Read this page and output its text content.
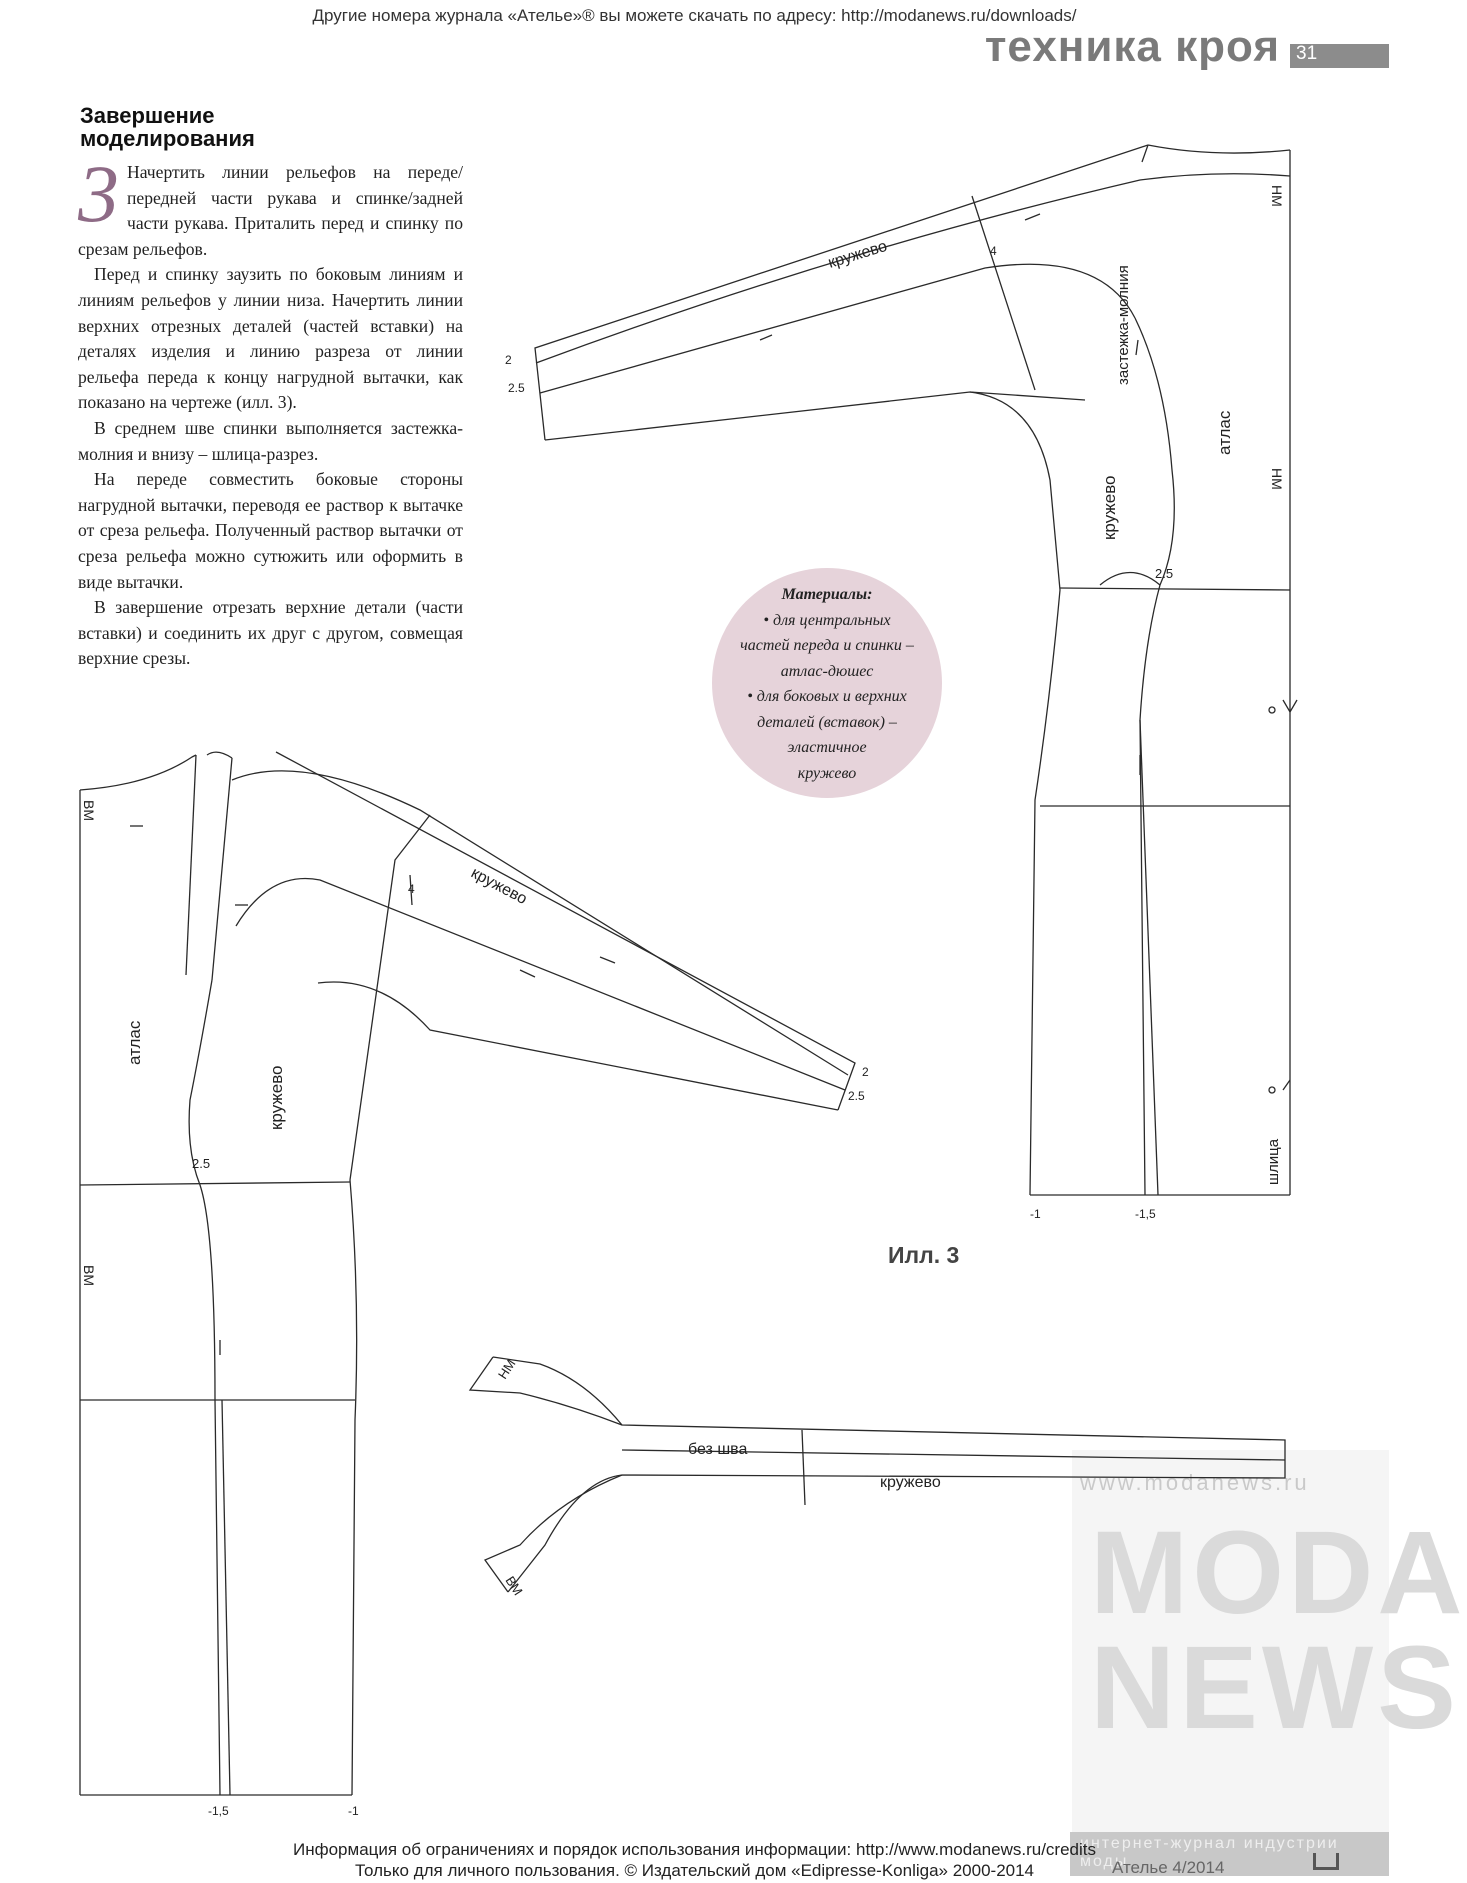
Другие номера журнала «Ателье»® вы можете скачать по адресу: http://modanews.ru/downloads/
техника кроя 31
Завершение
моделирования

3 Начертить линии рельефов на переде/передней части рукава и спинке/задней части рукава. Приталить перед и спинку по срезам рельефов.

Перед и спинку заузить по боковым линиям и линиям рельефов у линии низа. Начертить линии верхних отрезных деталей (частей вставки) на деталях изделия и линию разреза от линии рельефа переда к концу нагрудной вытачки, как показано на чертеже (илл. 3).

В среднем шве спинки выполняется застежка-молния и внизу – шлица-разрез.

На переде совместить боковые стороны нагрудной вытачки, переводя ее раствор к вытачке от среза рельефа. Полученный раствор вытачки от среза рельефа можно сутюжить или оформить в виде вытачки.

В завершение отрезать верхние детали (части вставки) и соединить их друг с другом, совмещая верхние срезы.

Материалы:
• для центральных
частей переда и спинки –
атлас-дюшес
• для боковых и верхних
деталей (вставок) –
эластичное
кружево
www.modanews.ru
MODA
NEWS
интернет-журнал индустрии моды
НМ
застежка-молния
НМ
атлас
кружево
кружево
шлица
4
2.5
2
2.5
-1	-1,5
ВМ
ВМ
атлас
кружево
кружево
4
2.5
2
2.5
-1,5	-1
НМ
ВМ
без шва
кружево
Илл. 3
Ателье 4/2014
Информация об ограничениях и порядок использования информации: http://www.modanews.ru/credits
Только для личного пользования. © Издательский дом «Edipresse-Konliga» 2000-2014
